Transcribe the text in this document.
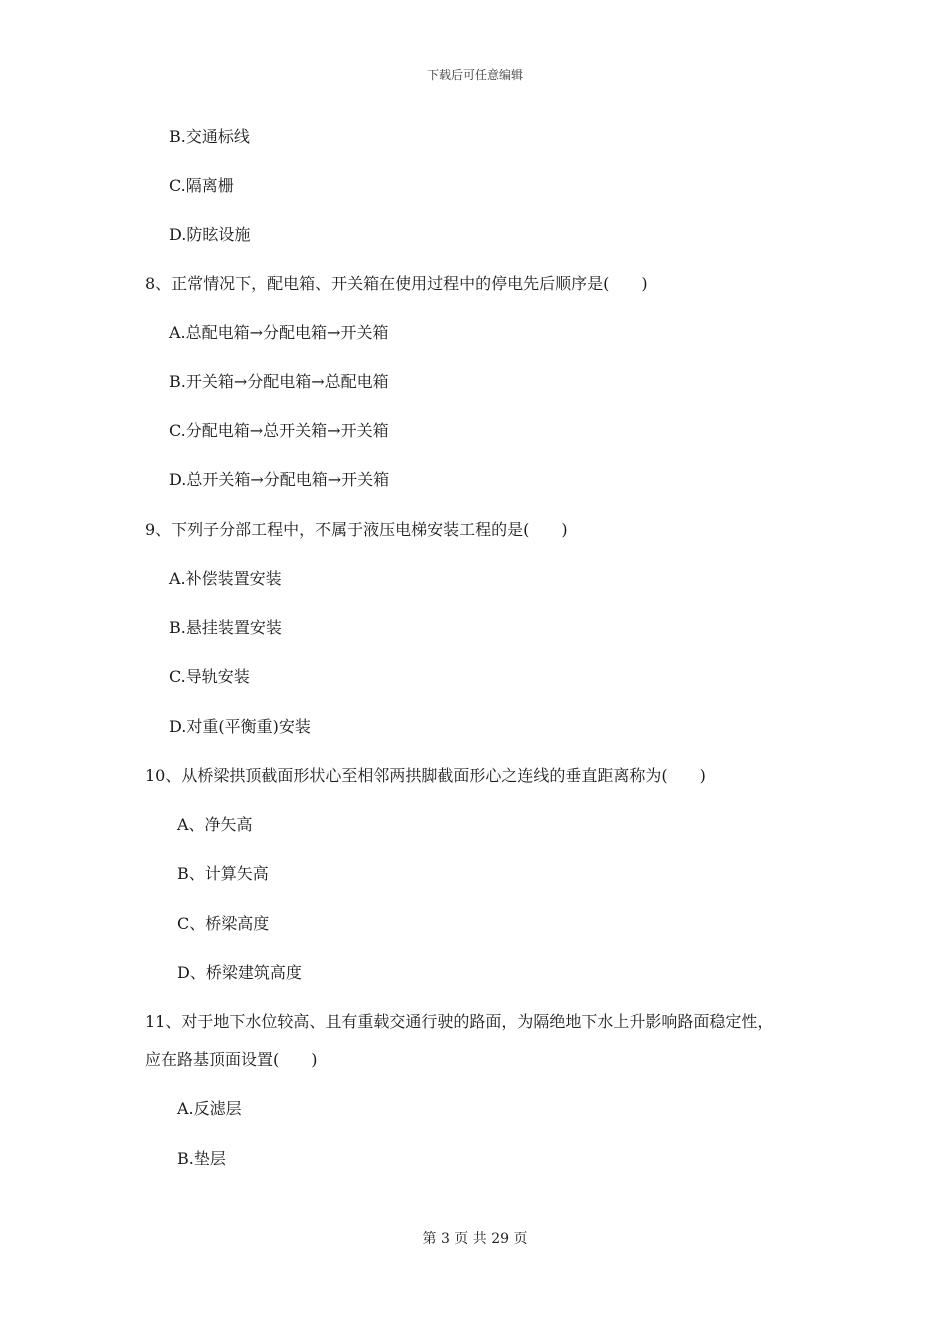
下载后可任意编辑
B.交通标线
C.隔离栅
D.防眩设施
8、正常情况下，配电箱、开关箱在使用过程中的停电先后顺序是(　　)
A.总配电箱→分配电箱→开关箱
B.开关箱→分配电箱→总配电箱
C.分配电箱→总开关箱→开关箱
D.总开关箱→分配电箱→开关箱
9、下列子分部工程中，不属于液压电梯安装工程的是(　　)
A.补偿装置安装
B.悬挂装置安装
C.导轨安装
D.对重(平衡重)安装
10、从桥梁拱顶截面形状心至相邻两拱脚截面形心之连线的垂直距离称为(　　)
A、净矢高
B、计算矢高
C、桥梁高度
D、桥梁建筑高度
11、对于地下水位较高、且有重载交通行驶的路面，为隔绝地下水上升影响路面稳定性，
应在路基顶面设置(　　)
A.反滤层
B.垫层
第 3 页 共 29 页
